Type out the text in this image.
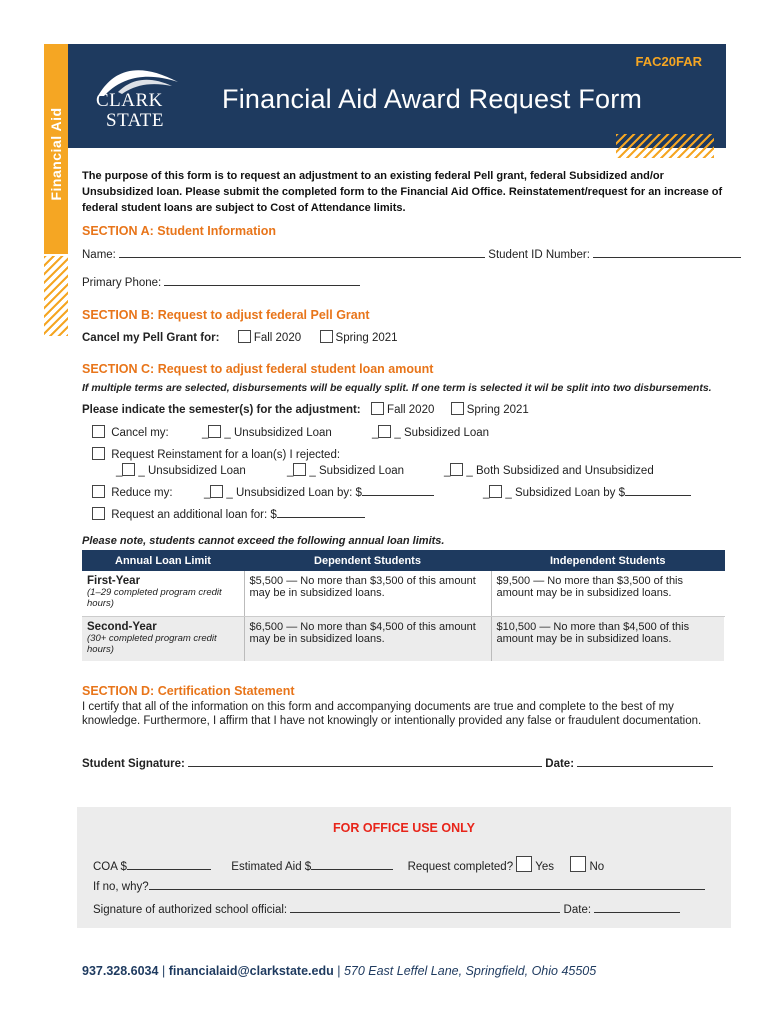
Financial Aid
FAC20FAR
CLARK
STATE
Financial Aid Award Request Form
The purpose of this form is to request an adjustment to an existing federal Pell grant, federal Subsidized and/or Unsubsidized loan. Please submit the completed form to the Financial Aid Office. Reinstatement/request for an increase of federal student loans are subject to Cost of Attendance limits.
SECTION A: Student Information
Name:	Student ID Number:
Primary Phone:
SECTION B: Request to adjust federal Pell Grant
Cancel my Pell Grant for:	Fall 2020	Spring 2021
SECTION C: Request to adjust federal student loan amount
If multiple terms are selected, disbursements will be equally split. If one term is selected it wil be split into two disbursements.
Please indicate the semester(s) for the adjustment: Fall 2020	Spring 2021
Cancel my:	_ _ Unsubsidized Loan	_ _ Subsidized Loan
Request Reinstament for a loan(s) I rejected:
_ _ Unsubsidized Loan	_ _ Subsidized Loan	_ _ Both Subsidized and Unsubsidized
Reduce my:	_ _ Unsubsidized Loan by: $	_ _ Subsidized Loan by $
Request an additional loan for: $
Please note, students cannot exceed the following annual loan limits.
Annual Loan Limit	Dependent Students	Independent Students

First-Year
(1–29 completed program credit hours)	$5,500 — No more than $3,500 of this amount may be in subsidized loans.	$9,500 — No more than $3,500 of this amount may be in subsidized loans.

Second-Year
(30+ completed program credit hours)	$6,500 — No more than $4,500 of this amount may be in subsidized loans.	$10,500 — No more than $4,500 of this amount may be in subsidized loans.
SECTION D: Certification Statement
I certify that all of the information on this form and accompanying documents are true and complete to the best of my knowledge. Furthermore, I affirm that I have not knowingly or intentionally provided any false or fraudulent documentation.
Student Signature:	Date:
FOR OFFICE USE ONLY
COA $	Estimated Aid $	Request completed? Yes	No
If no, why?
Signature of authorized school official:	Date:
937.328.6034 | financialaid@clarkstate.edu | 570 East Leffel Lane, Springfield, Ohio 45505
